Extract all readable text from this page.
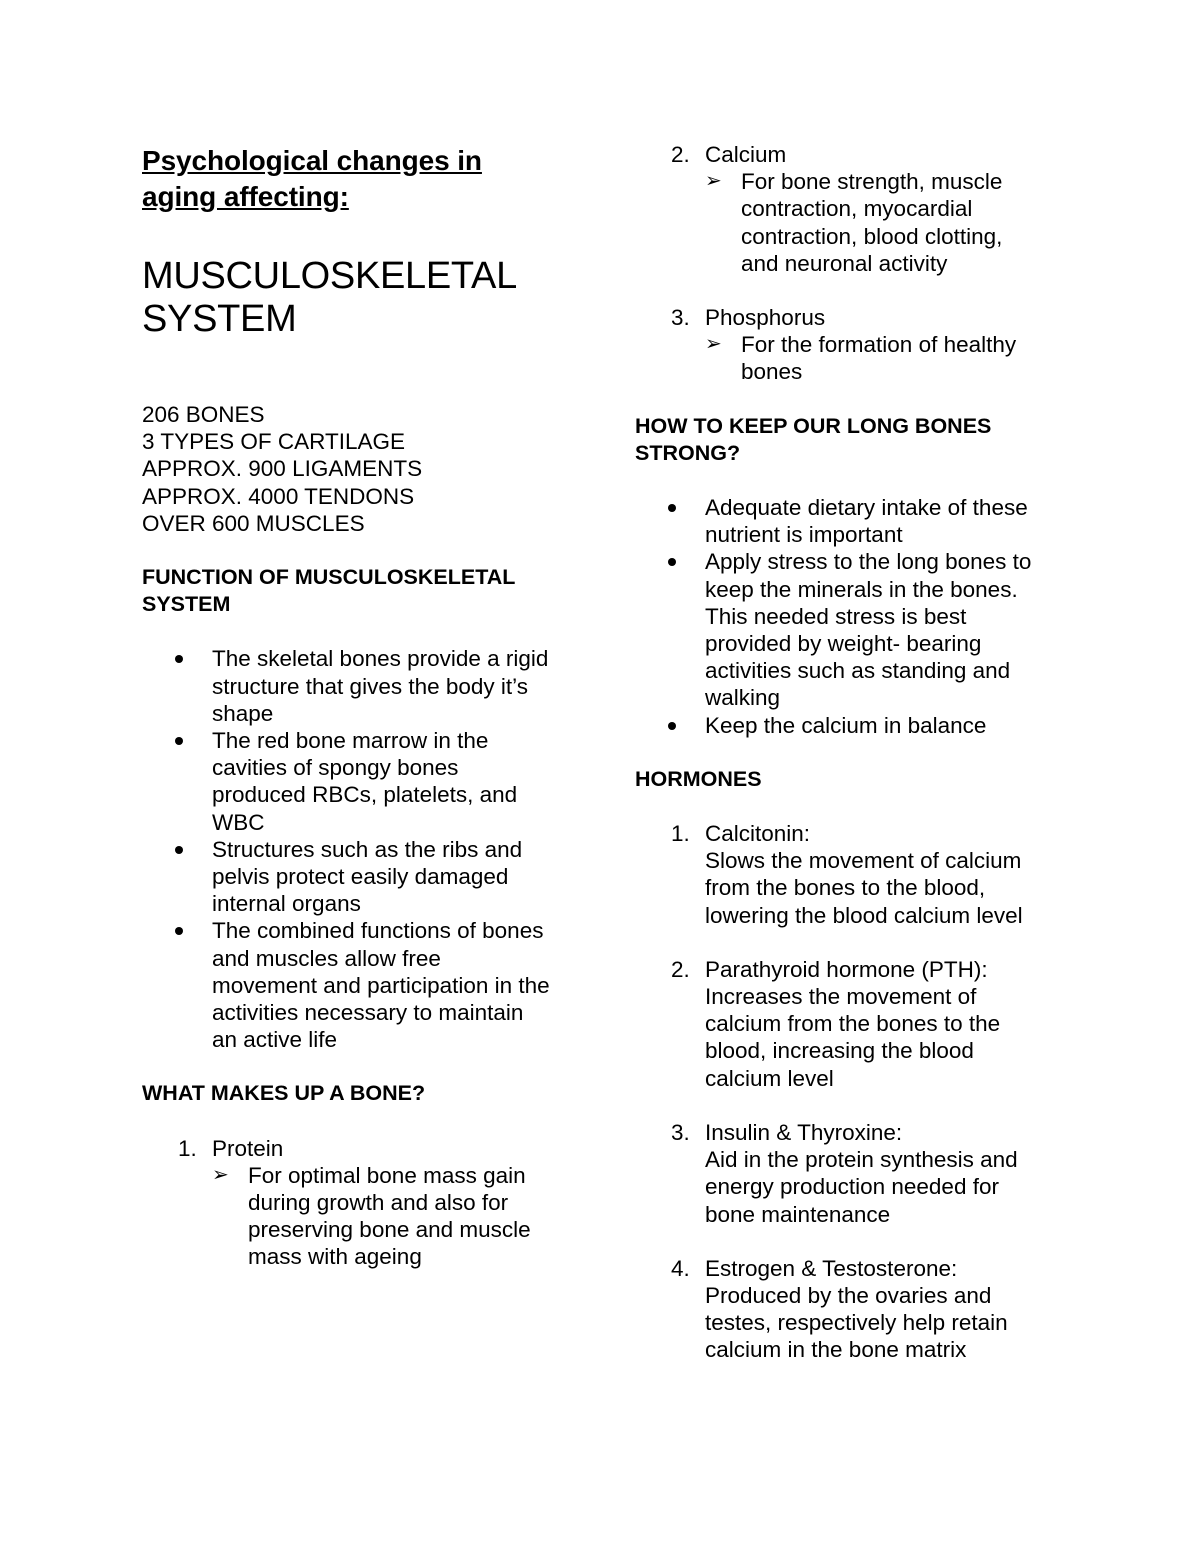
Psychological changes in
aging affecting:
MUSCULOSKELETAL
SYSTEM
206 BONES
3 TYPES OF CARTILAGE
APPROX. 900 LIGAMENTS
APPROX. 4000 TENDONS
OVER 600 MUSCLES
FUNCTION OF MUSCULOSKELETAL
SYSTEM
The skeletal bones provide a rigid
structure that gives the body it’s
shape
The red bone marrow in the
cavities of spongy bones
produced RBCs, platelets, and
WBC
Structures such as the ribs and
pelvis protect easily damaged
internal organs
The combined functions of bones
and muscles allow free
movement and participation in the
activities necessary to maintain
an active life
WHAT MAKES UP A BONE?
1. Protein
➢ For optimal bone mass gain
during growth and also for
preserving bone and muscle
mass with ageing
2. Calcium
➢ For bone strength, muscle
contraction, myocardial
contraction, blood clotting,
and neuronal activity
3. Phosphorus
➢ For the formation of healthy
bones
HOW TO KEEP OUR LONG BONES
STRONG?
Adequate dietary intake of these
nutrient is important
Apply stress to the long bones to
keep the minerals in the bones.
This needed stress is best
provided by weight- bearing
activities such as standing and
walking
Keep the calcium in balance
HORMONES
1. Calcitonin:
Slows the movement of calcium
from the bones to the blood,
lowering the blood calcium level
2. Parathyroid hormone (PTH):
Increases the movement of
calcium from the bones to the
blood, increasing the blood
calcium level
3. Insulin & Thyroxine:
Aid in the protein synthesis and
energy production needed for
bone maintenance
4. Estrogen & Testosterone:
Produced by the ovaries and
testes, respectively help retain
calcium in the bone matrix
